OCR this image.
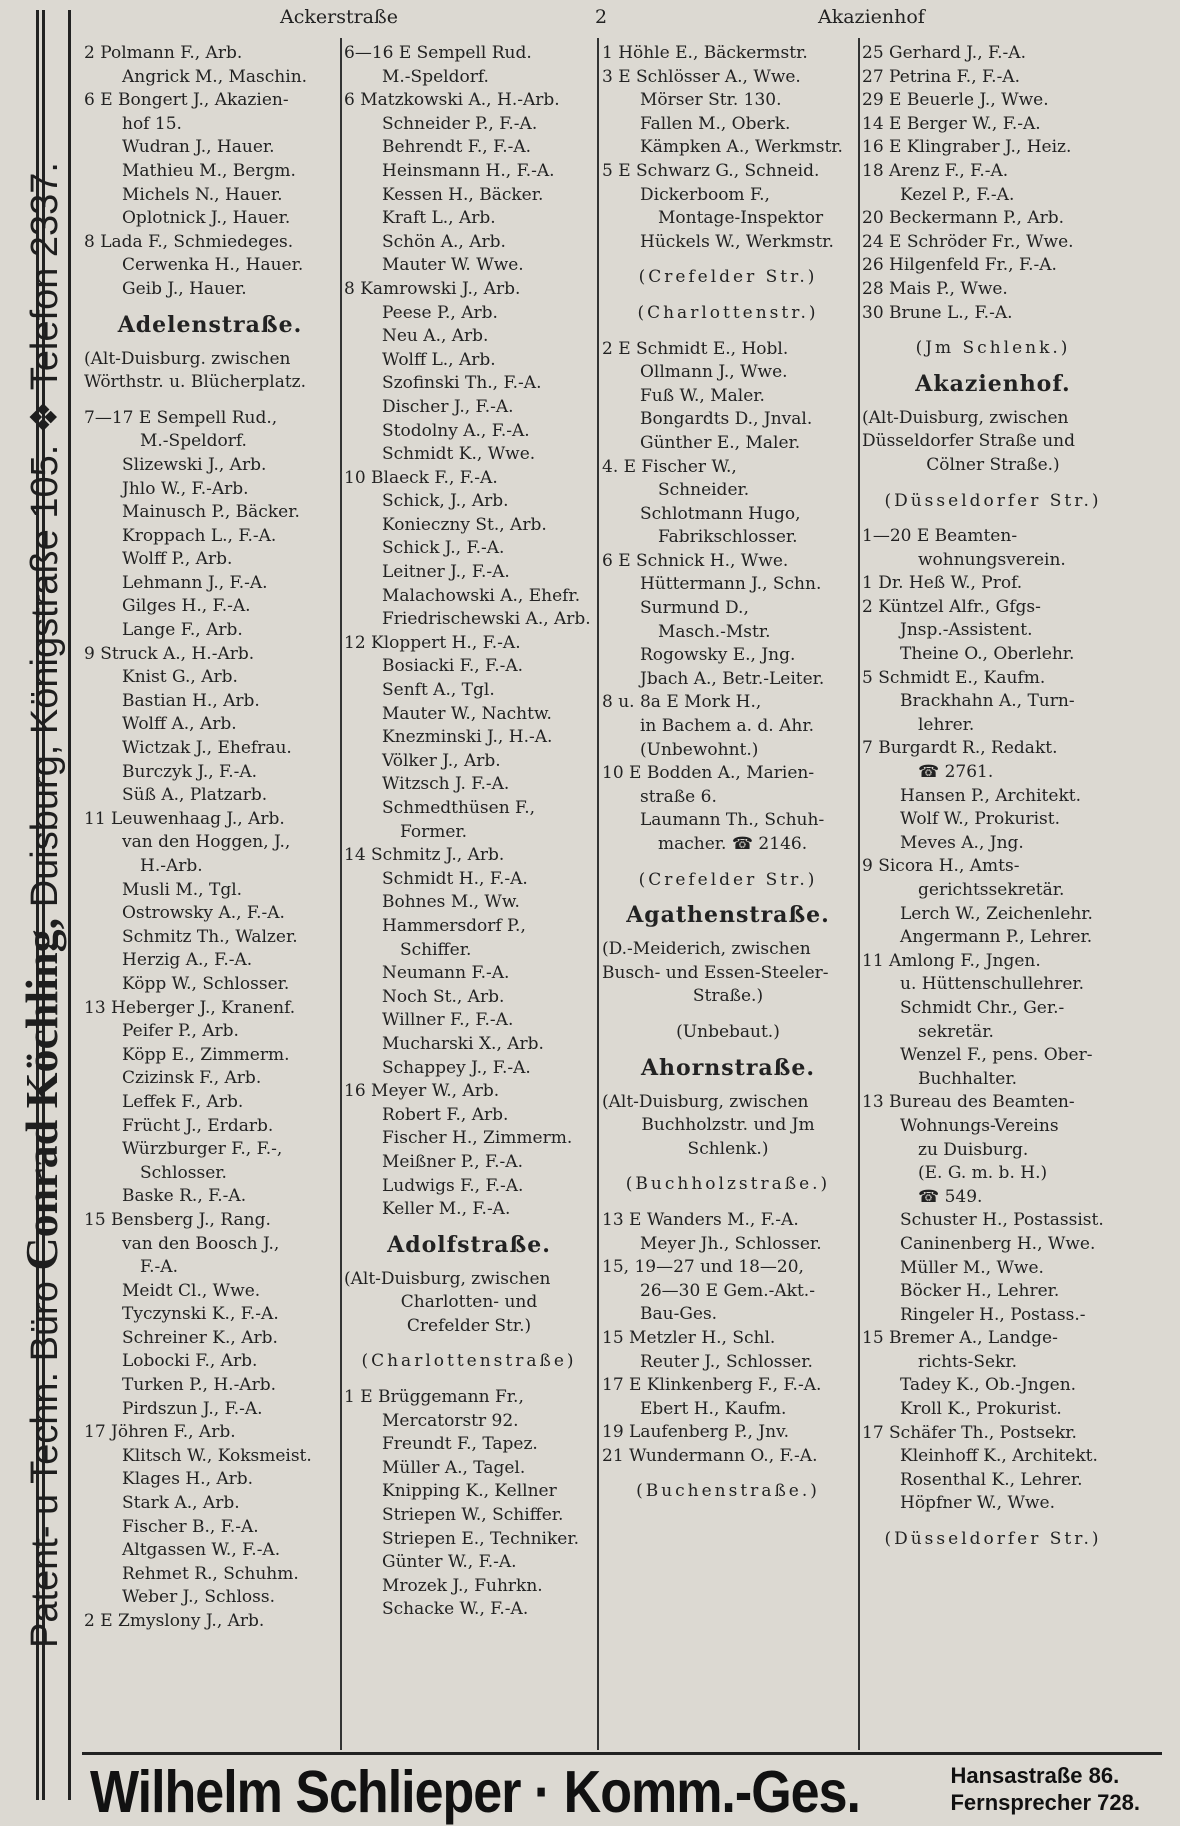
Ackerstraße	2	Akazienhof
Patent- u Techn. Büro Conrad Köchling, Duisburg, Königstraße 105. ❖ Telefon 2337.
2 Polmann F., Arb.
Angrick M., Maschin.
6 E Bongert J., Akazien-
hof 15.
Wudran J., Hauer.
Mathieu M., Bergm.
Michels N., Hauer.
Oplotnick J., Hauer.
8 Lada F., Schmiedeges.
Cerwenka H., Hauer.
Geib J., Hauer.
Adelenstraße.
(Alt-Duisburg. zwischen
Wörthstr. u. Blücherplatz.
7—17 E Sempell Rud.,
M.-Speldorf.
Slizewski J., Arb.
Jhlo W., F.-Arb.
Mainusch P., Bäcker.
Kroppach L., F.-A.
Wolff P., Arb.
Lehmann J., F.-A.
Gilges H., F.-A.
Lange F., Arb.
9 Struck A., H.-Arb.
Knist G., Arb.
Bastian H., Arb.
Wolff A., Arb.
Wictzak J., Ehefrau.
Burczyk J., F.-A.
Süß A., Platzarb.
11 Leuwenhaag J., Arb.
van den Hoggen, J.,
H.-Arb.
Musli M., Tgl.
Ostrowsky A., F.-A.
Schmitz Th., Walzer.
Herzig A., F.-A.
Köpp W., Schlosser.
13 Heberger J., Kranenf.
Peifer P., Arb.
Köpp E., Zimmerm.
Czizinsk F., Arb.
Leffek F., Arb.
Frücht J., Erdarb.
Würzburger F., F.-,
Schlosser.
Baske R., F.-A.
15 Bensberg J., Rang.
van den Boosch J.,
F.-A.
Meidt Cl., Wwe.
Tyczynski K., F.-A.
Schreiner K., Arb.
Lobocki F., Arb.
Turken P., H.-Arb.
Pirdszun J., F.-A.
17 Jöhren F., Arb.
Klitsch W., Koksmeist.
Klages H., Arb.
Stark A., Arb.
Fischer B., F.-A.
Altgassen W., F.-A.
Rehmet R., Schuhm.
Weber J., Schloss.
2 E Zmyslony J., Arb.
6—16 E Sempell Rud.
M.-Speldorf.
6 Matzkowski A., H.-Arb.
Schneider P., F.-A.
Behrendt F., F.-A.
Heinsmann H., F.-A.
Kessen H., Bäcker.
Kraft L., Arb.
Schön A., Arb.
Mauter W. Wwe.
8 Kamrowski J., Arb.
Peese P., Arb.
Neu A., Arb.
Wolff L., Arb.
Szofinski Th., F.-A.
Discher J., F.-A.
Stodolny A., F.-A.
Schmidt K., Wwe.
10 Blaeck F., F.-A.
Schick, J., Arb.
Konieczny St., Arb.
Schick J., F.-A.
Leitner J., F.-A.
Malachowski A., Ehefr.
Friedrischewski A., Arb.
12 Kloppert H., F.-A.
Bosiacki F., F.-A.
Senft A., Tgl.
Mauter W., Nachtw.
Knezminski J., H.-A.
Völker J., Arb.
Witzsch J. F.-A.
Schmedthüsen F.,
Former.
14 Schmitz J., Arb.
Schmidt H., F.-A.
Bohnes M., Ww.
Hammersdorf P.,
Schiffer.
Neumann F.-A.
Noch St., Arb.
Willner F., F.-A.
Mucharski X., Arb.
Schappey J., F.-A.
16 Meyer W., Arb.
Robert F., Arb.
Fischer H., Zimmerm.
Meißner P., F.-A.
Ludwigs F., F.-A.
Keller M., F.-A.
Adolfstraße.
(Alt-Duisburg, zwischen
Charlotten- und
Crefelder Str.)
(Charlottenstraße)
1 E Brüggemann Fr.,
Mercatorstr 92.
Freundt F., Tapez.
Müller A., Tagel.
Knipping K., Kellner
Striepen W., Schiffer.
Striepen E., Techniker.
Günter W., F.-A.
Mrozek J., Fuhrkn.
Schacke W., F.-A.
1 Höhle E., Bäckermstr.
3 E Schlösser A., Wwe.
Mörser Str. 130.
Fallen M., Oberk.
Kämpken A., Werkmstr.
5 E Schwarz G., Schneid.
Dickerboom F.,
Montage-Inspektor
Hückels W., Werkmstr.
(Crefelder Str.)
(Charlottenstr.)
2 E Schmidt E., Hobl.
Ollmann J., Wwe.
Fuß W., Maler.
Bongardts D., Jnval.
Günther E., Maler.
4. E Fischer W.,
Schneider.
Schlotmann Hugo,
Fabrikschlosser.
6 E Schnick H., Wwe.
Hüttermann J., Schn.
Surmund D.,
Masch.-Mstr.
Rogowsky E., Jng.
Jbach A., Betr.-Leiter.
8 u. 8a E Mork H.,
in Bachem a. d. Ahr.
(Unbewohnt.)
10 E Bodden A., Marien-
straße 6.
Laumann Th., Schuh-
macher. ☎ 2146.
(Crefelder Str.)
Agathenstraße.
(D.-Meiderich, zwischen
Busch- und Essen-Steeler-
Straße.)
(Unbebaut.)
Ahornstraße.
(Alt-Duisburg, zwischen
Buchholzstr. und Jm
Schlenk.)
(Buchholzstraße.)
13 E Wanders M., F.-A.
Meyer Jh., Schlosser.
15, 19—27 und 18—20,
26—30 E Gem.-Akt.-
Bau-Ges.
15 Metzler H., Schl.
Reuter J., Schlosser.
17 E Klinkenberg F., F.-A.
Ebert H., Kaufm.
19 Laufenberg P., Jnv.
21 Wundermann O., F.-A.
(Buchenstraße.)
25 Gerhard J., F.-A.
27 Petrina F., F.-A.
29 E Beuerle J., Wwe.
14 E Berger W., F.-A.
16 E Klingraber J., Heiz.
18 Arenz F., F.-A.
Kezel P., F.-A.
20 Beckermann P., Arb.
24 E Schröder Fr., Wwe.
26 Hilgenfeld Fr., F.-A.
28 Mais P., Wwe.
30 Brune L., F.-A.
(Jm Schlenk.)
Akazienhof.
(Alt-Duisburg, zwischen
Düsseldorfer Straße und
Cölner Straße.)
(Düsseldorfer Str.)
1—20 E Beamten-
wohnungsverein.
1 Dr. Heß W., Prof.
2 Küntzel Alfr., Gfgs-
Jnsp.-Assistent.
Theine O., Oberlehr.
5 Schmidt E., Kaufm.
Brackhahn A., Turn-
lehrer.
7 Burgardt R., Redakt.
☎ 2761.
Hansen P., Architekt.
Wolf W., Prokurist.
Meves A., Jng.
9 Sicora H., Amts-
gerichtssekretär.
Lerch W., Zeichenlehr.
Angermann P., Lehrer.
11 Amlong F., Jngen.
u. Hüttenschullehrer.
Schmidt Chr., Ger.-
sekretär.
Wenzel F., pens. Ober-
Buchhalter.
13 Bureau des Beamten-
Wohnungs-Vereins
zu Duisburg.
(E. G. m. b. H.)
☎ 549.
Schuster H., Postassist.
Caninenberg H., Wwe.
Müller M., Wwe.
Böcker H., Lehrer.
Ringeler H., Postass.-
15 Bremer A., Landge-
richts-Sekr.
Tadey K., Ob.-Jngen.
Kroll K., Prokurist.
17 Schäfer Th., Postsekr.
Kleinhoff K., Architekt.
Rosenthal K., Lehrer.
Höpfner W., Wwe.
(Düsseldorfer Str.)
Wilhelm Schlieper · Komm.-Ges.	Hansastraße 86.
Fernsprecher 728.
